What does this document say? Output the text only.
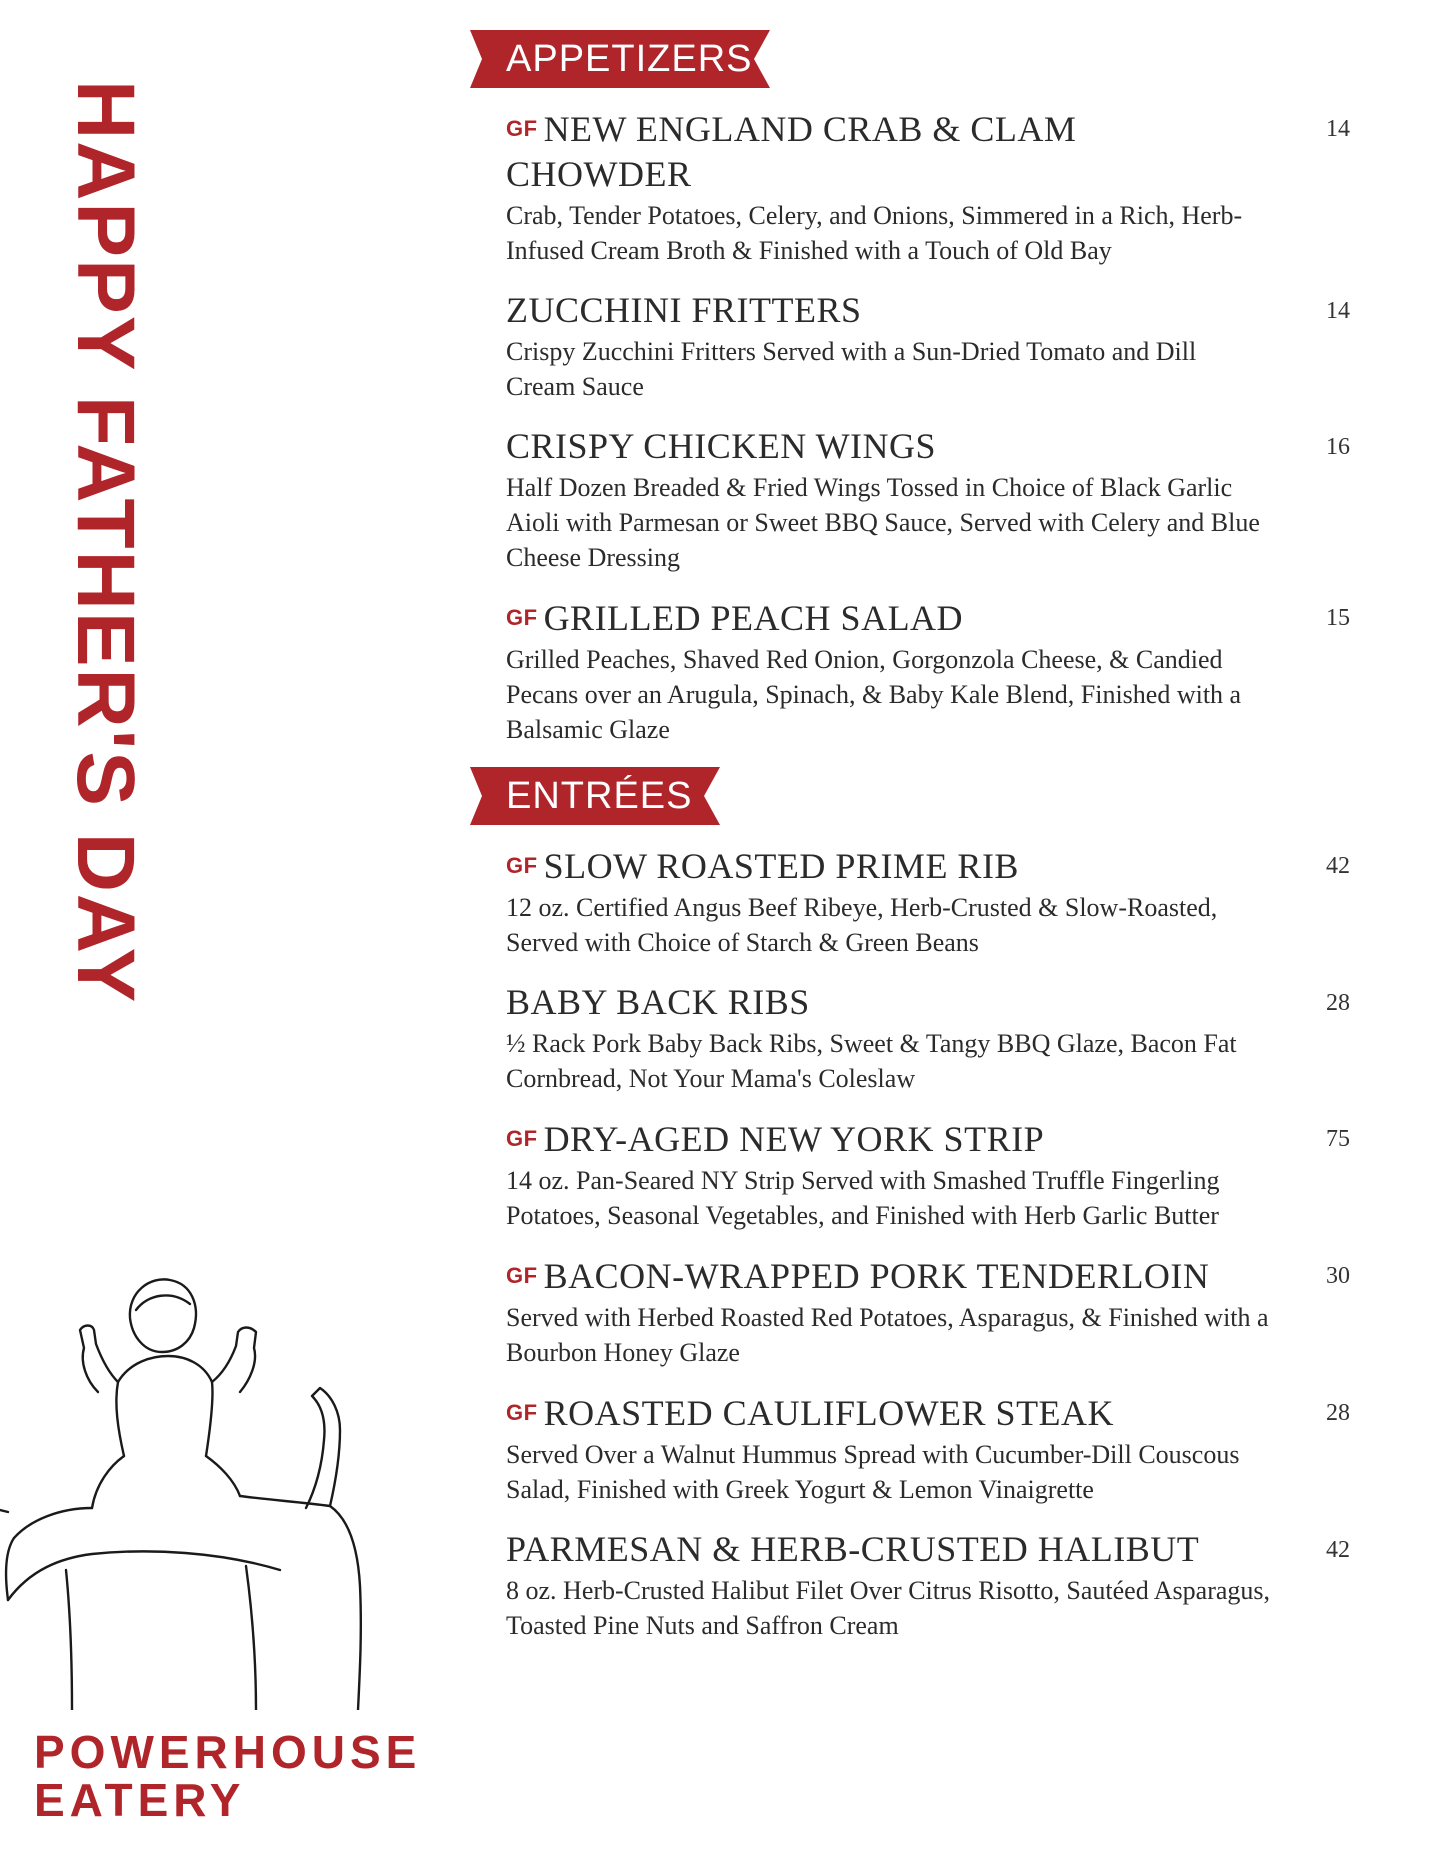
HAPPY FATHER'S DAY
POWERHOUSE
EATERY
APPETIZERS
GF NEW ENGLAND CRAB & CLAM CHOWDER
Crab, Tender Potatoes, Celery, and Onions, Simmered in a Rich, Herb-Infused Cream Broth & Finished with a Touch of Old Bay
14
ZUCCHINI FRITTERS
Crispy Zucchini Fritters Served with a Sun-Dried Tomato and Dill Cream Sauce
14
CRISPY CHICKEN WINGS
Half Dozen Breaded & Fried Wings Tossed in Choice of Black Garlic Aioli with Parmesan or Sweet BBQ Sauce, Served with Celery and Blue Cheese Dressing
16
GF GRILLED PEACH SALAD
Grilled Peaches, Shaved Red Onion, Gorgonzola Cheese, & Candied Pecans over an Arugula, Spinach, & Baby Kale Blend, Finished with a Balsamic Glaze
15
ENTRÉES
GF SLOW ROASTED PRIME RIB
12 oz. Certified Angus Beef Ribeye, Herb-Crusted & Slow-Roasted, Served with Choice of Starch & Green Beans
42
BABY BACK RIBS
½ Rack Pork Baby Back Ribs, Sweet & Tangy BBQ Glaze, Bacon Fat Cornbread, Not Your Mama's Coleslaw
28
GF DRY-AGED NEW YORK STRIP
14 oz. Pan-Seared NY Strip Served with Smashed Truffle Fingerling Potatoes, Seasonal Vegetables, and Finished with Herb Garlic Butter
75
GF BACON-WRAPPED PORK TENDERLOIN
Served with Herbed Roasted Red Potatoes, Asparagus, & Finished with a Bourbon Honey Glaze
30
GF ROASTED CAULIFLOWER STEAK
Served Over a Walnut Hummus Spread with Cucumber-Dill Couscous Salad, Finished with Greek Yogurt & Lemon Vinaigrette
28
PARMESAN & HERB-CRUSTED HALIBUT
8 oz. Herb-Crusted Halibut Filet Over Citrus Risotto, Sautéed Asparagus, Toasted Pine Nuts and Saffron Cream
42
